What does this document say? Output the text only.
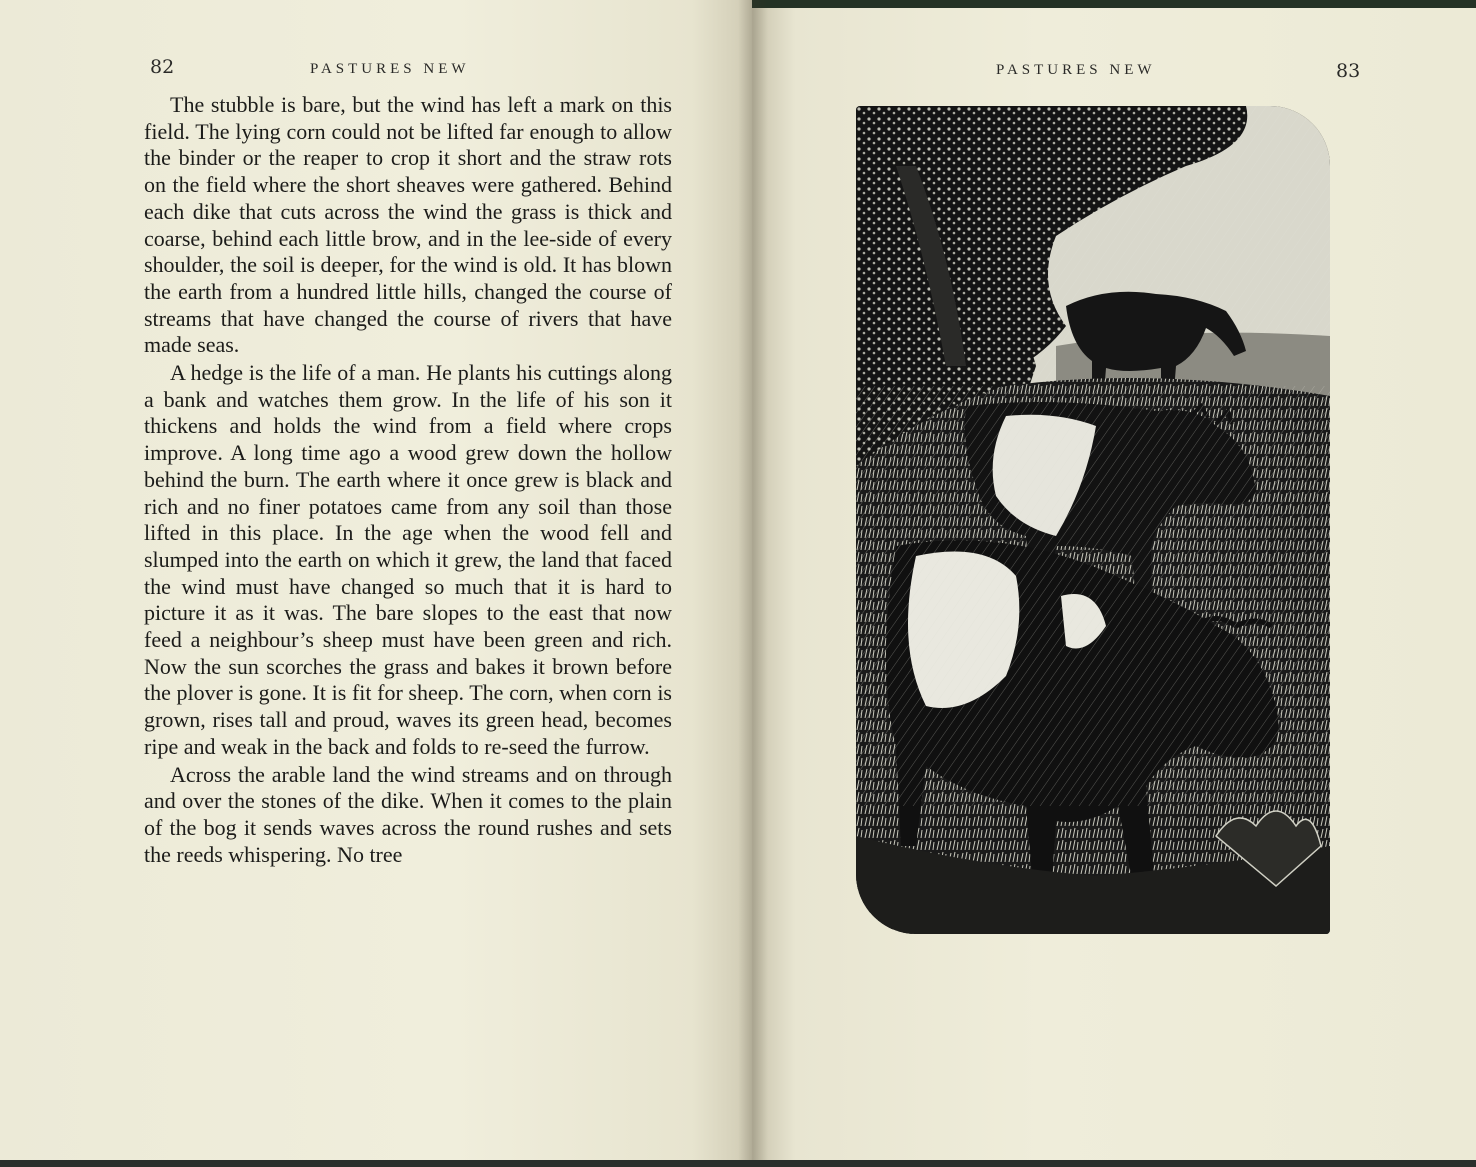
82	PASTURES NEW

The stubble is bare, but the wind has left a mark on this field. The lying corn could not be lifted far enough to allow the binder or the reaper to crop it short and the straw rots on the field where the short sheaves were gathered. Behind each dike that cuts across the wind the grass is thick and coarse, behind each little brow, and in the lee-side of every shoulder, the soil is deeper, for the wind is old. It has blown the earth from a hundred little hills, changed the course of streams that have changed the course of rivers that have made seas.

A hedge is the life of a man. He plants his cuttings along a bank and watches them grow. In the life of his son it thickens and holds the wind from a field where crops improve. A long time ago a wood grew down the hollow behind the burn. The earth where it once grew is black and rich and no finer potatoes came from any soil than those lifted in this place. In the age when the wood fell and slumped into the earth on which it grew, the land that faced the wind must have changed so much that it is hard to picture it as it was. The bare slopes to the east that now feed a neighbour’s sheep must have been green and rich. Now the sun scorches the grass and bakes it brown before the plover is gone. It is fit for sheep. The corn, when corn is grown, rises tall and proud, waves its green head, becomes ripe and weak in the back and folds to re-seed the furrow.

Across the arable land the wind streams and on through and over the stones of the dike. When it comes to the plain of the bog it sends waves across the round rushes and sets the reeds whispering. No tree

PASTURES NEW	83
